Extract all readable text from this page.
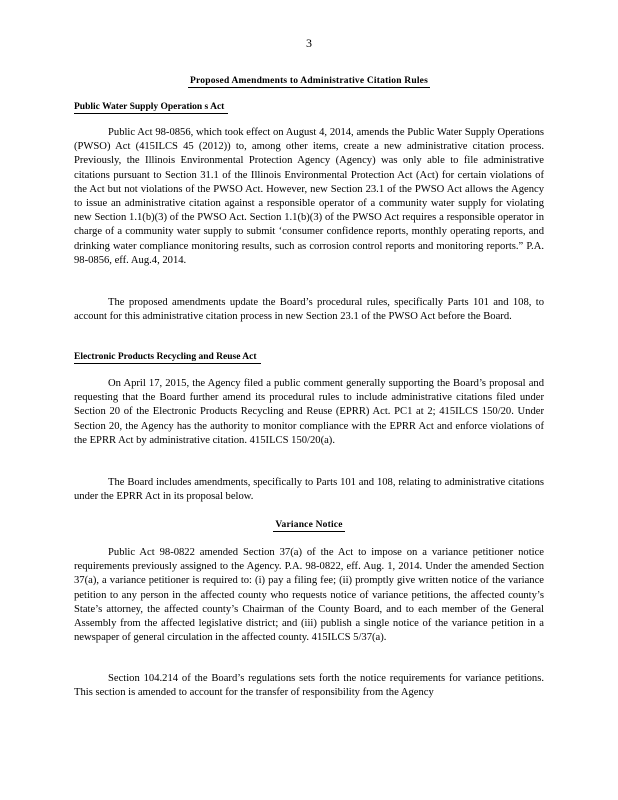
3
Proposed Amendments to Administrative Citation Rules
Public Water Supply Operation s Act

Public Act 98-0856, which took effect on August 4, 2014, amends the Public Water Supply Operations (PWSO) Act (415ILCS 45 (2012)) to, among other items, create a new administrative citation process. Previously, the Illinois Environmental Protection Agency (Agency) was only able to file administrative citations pursuant to Section 31.1 of the Illinois Environmental Protection Act (Act) for certain violations of the Act but not violations of the PWSO Act. However, new Section 23.1 of the PWSO Act allows the Agency to issue an administrative citation against a responsible operator of a community water supply for violating new Section 1.1(b)(3) of the PWSO Act. Section 1.1(b)(3) of the PWSO Act requires a responsible operator in charge of a community water supply to submit ‘consumer confidence reports, monthly operating reports, and drinking water compliance monitoring results, such as corrosion control reports and monitoring reports.” P.A. 98-0856, eff. Aug.4, 2014.

The proposed amendments update the Board’s procedural rules, specifically Parts 101 and 108, to account for this administrative citation process in new Section 23.1 of the PWSO Act before the Board.

Electronic Products Recycling and Reuse Act

On April 17, 2015, the Agency filed a public comment generally supporting the Board’s proposal and requesting that the Board further amend its procedural rules to include administrative citations filed under Section 20 of the Electronic Products Recycling and Reuse (EPRR) Act. PC1 at 2; 415ILCS 150/20. Under Section 20, the Agency has the authority to monitor compliance with the EPRR Act and enforce violations of the EPRR Act by administrative citation. 415ILCS 150/20(a).

The Board includes amendments, specifically to Parts 101 and 108, relating to administrative citations under the EPRR Act in its proposal below.

Variance Notice

Public Act 98-0822 amended Section 37(a) of the Act to impose on a variance petitioner notice requirements previously assigned to the Agency. P.A. 98-0822, eff. Aug. 1, 2014. Under the amended Section 37(a), a variance petitioner is required to: (i) pay a filing fee; (ii) promptly give written notice of the variance petition to any person in the affected county who requests notice of variance petitions, the affected county’s State’s attorney, the affected county’s Chairman of the County Board, and to each member of the General Assembly from the affected legislative district; and (iii) publish a single notice of the variance petition in a newspaper of general circulation in the affected county. 415ILCS 5/37(a).

Section 104.214 of the Board’s regulations sets forth the notice requirements for variance petitions. This section is amended to account for the transfer of responsibility from the Agency
